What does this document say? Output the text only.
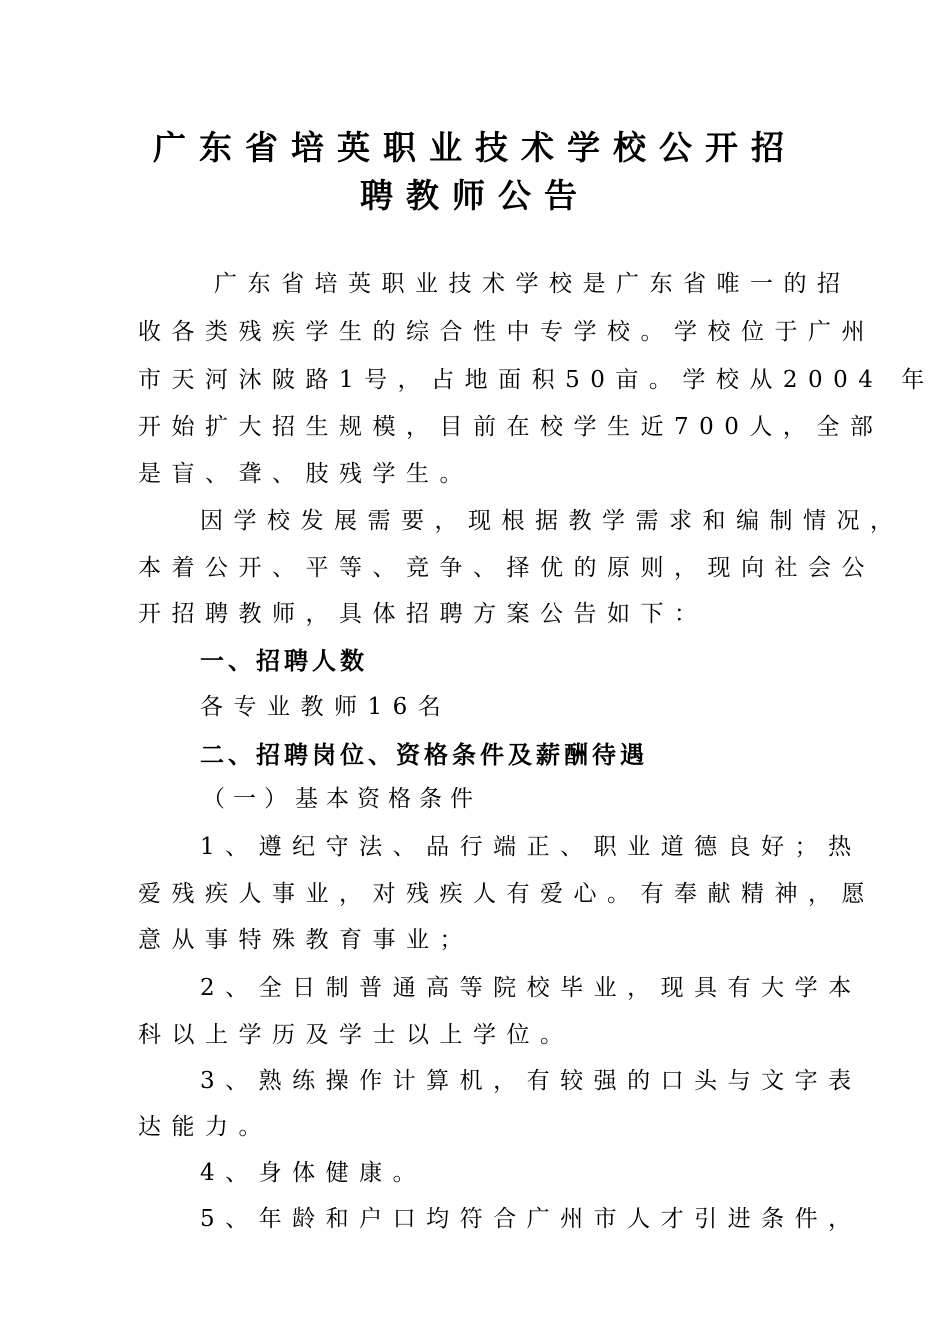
广东省培英职业技术学校公开招
聘教师公告
广东省培英职业技术学校是广东省唯一的招
收各类残疾学生的综合性中专学校。学校位于广州
市天河沐陂路1号，占地面积50亩。学校从2004 年
开始扩大招生规模，目前在校学生近700人，全部
是盲、聋、肢残学生。
因学校发展需要，现根据教学需求和编制情况，
本着公开、平等、竞争、择优的原则，现向社会公
开招聘教师，具体招聘方案公告如下：
一、招聘人数
各专业教师16名
二、招聘岗位、资格条件及薪酬待遇
（一）基本资格条件
1、遵纪守法、品行端正、职业道德良好；热
爱残疾人事业，对残疾人有爱心。有奉献精神，愿
意从事特殊教育事业；
2、全日制普通高等院校毕业，现具有大学本
科以上学历及学士以上学位。
3、熟练操作计算机，有较强的口头与文字表
达能力。
4、身体健康。
5、年龄和户口均符合广州市人才引进条件，
